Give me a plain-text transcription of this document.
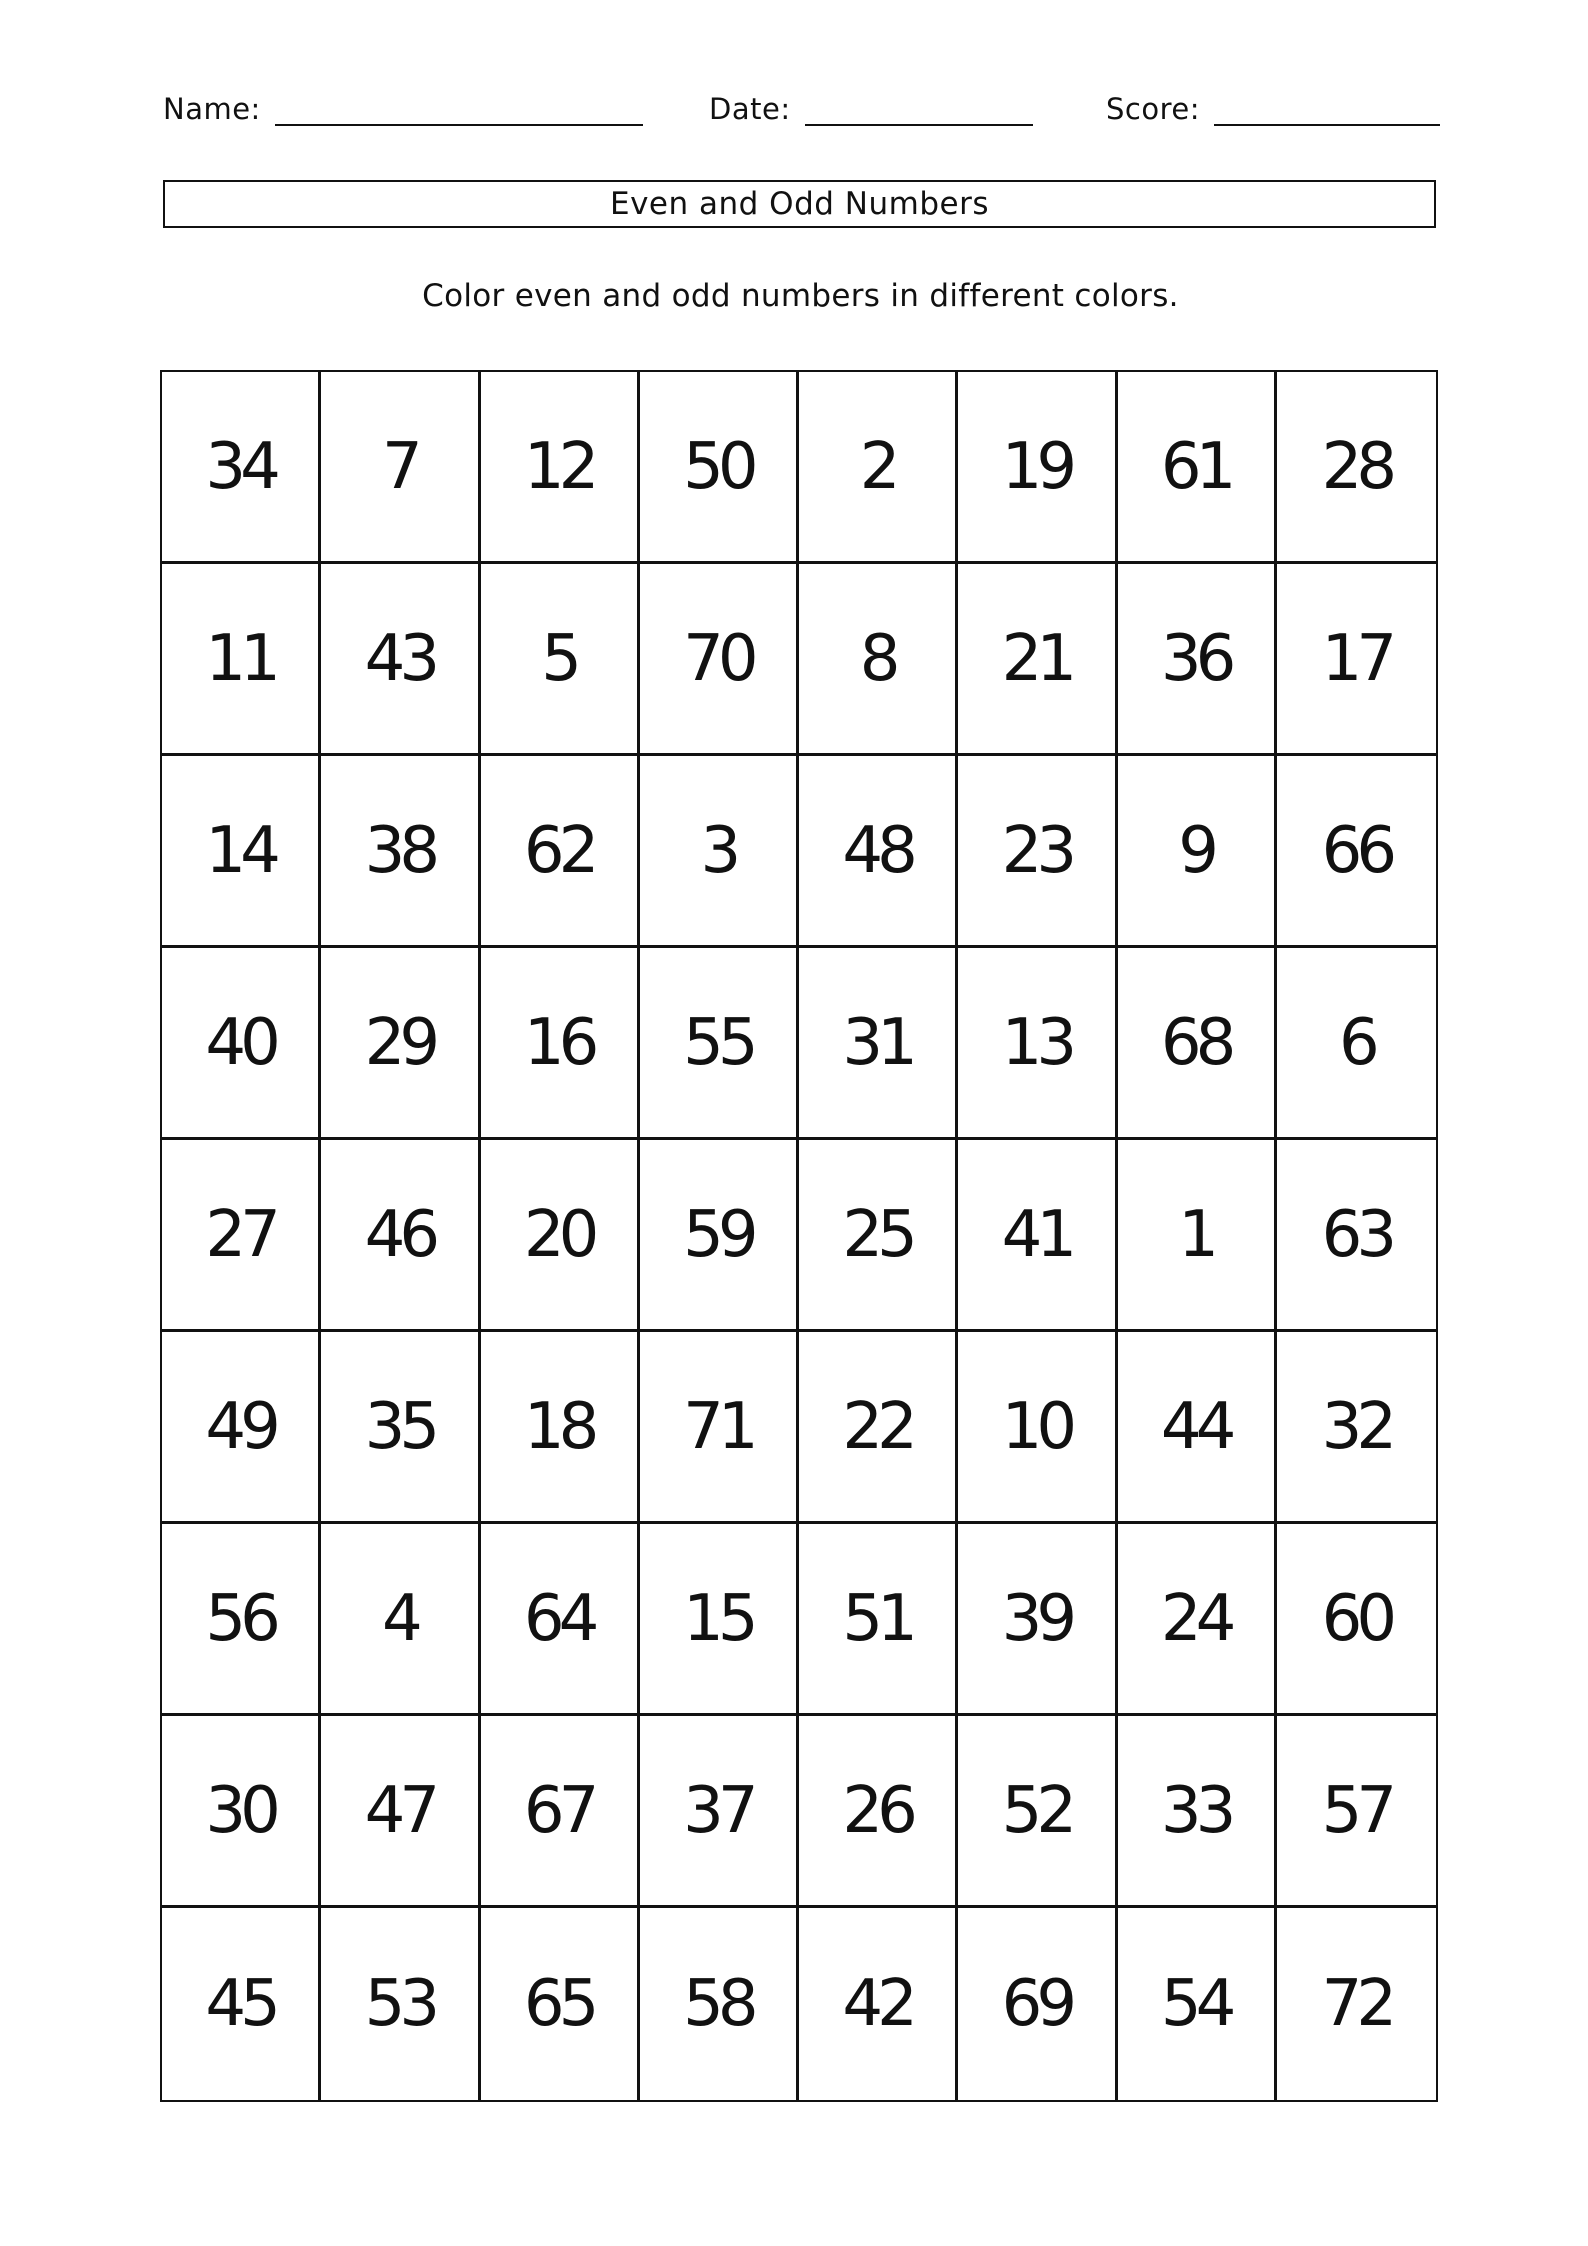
Name:	Date:	Score:
Even and Odd Numbers
Color even and odd numbers in different colors.
34	7	12	50	2	19	61	28
11	43	5	70	8	21	36	17
14	38	62	3	48	23	9	66
40	29	16	55	31	13	68	6
27	46	20	59	25	41	1	63
49	35	18	71	22	10	44	32
56	4	64	15	51	39	24	60
30	47	67	37	26	52	33	57
45	53	65	58	42	69	54	72
